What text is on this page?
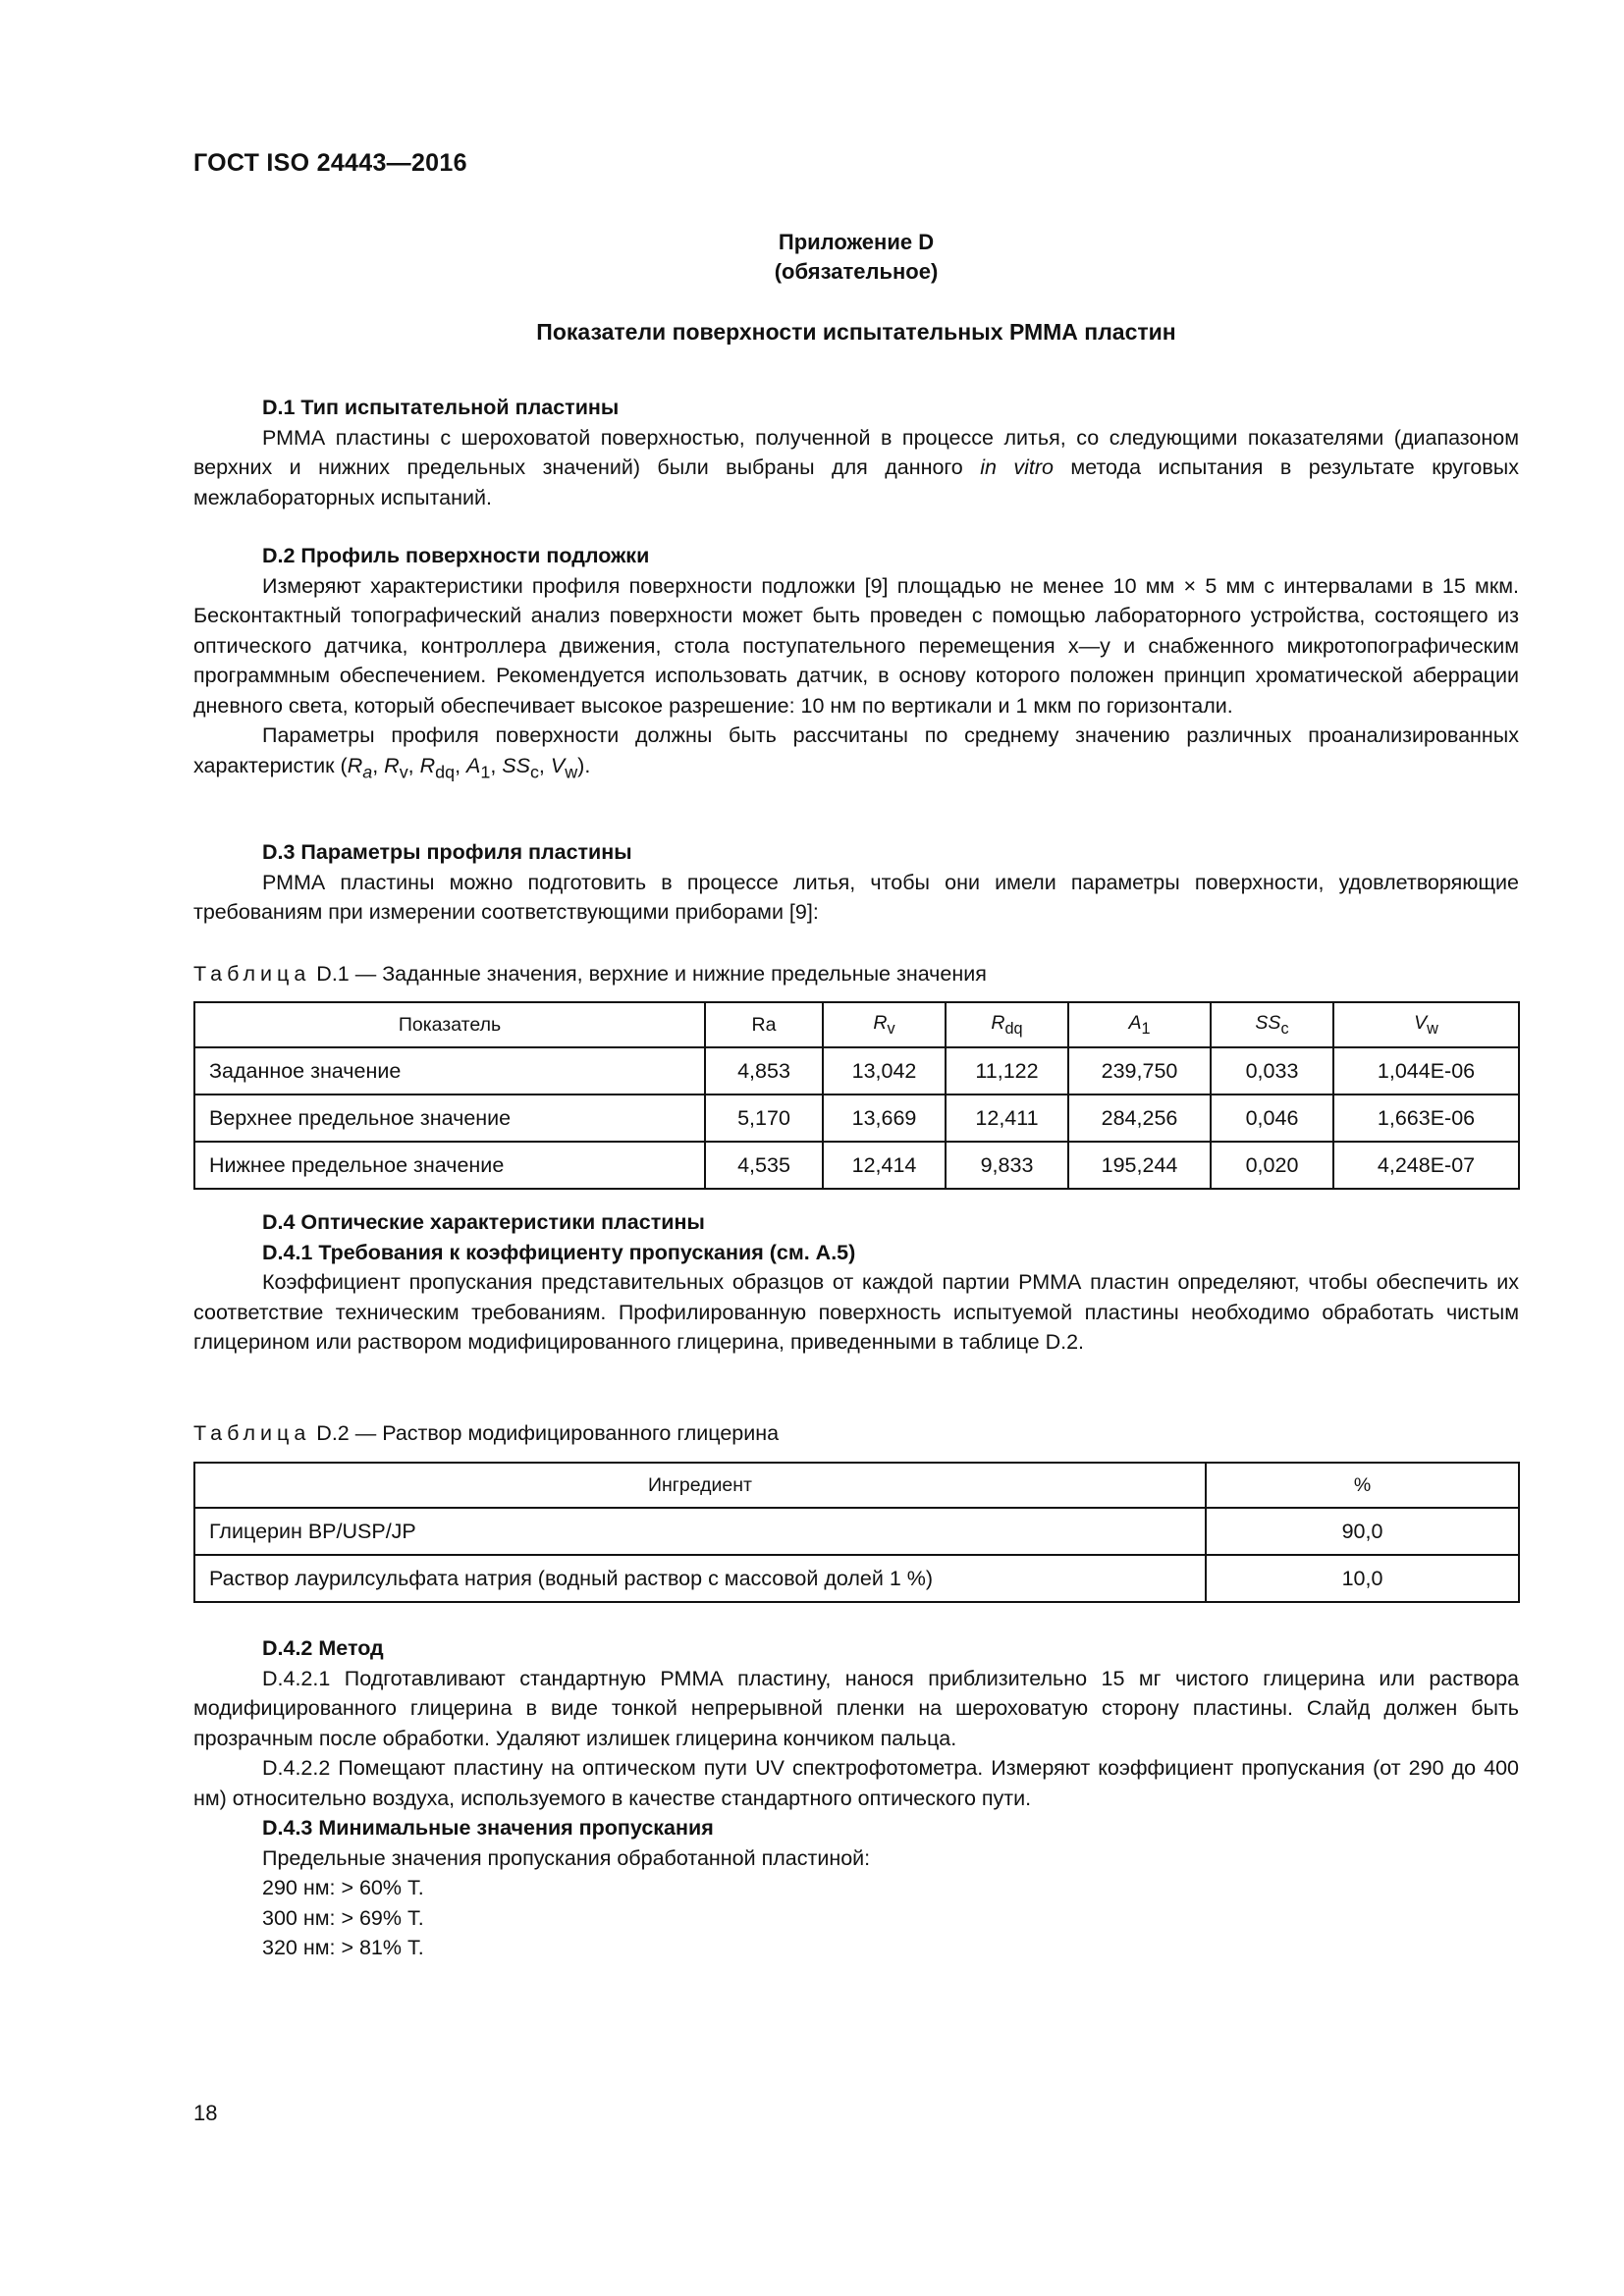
ГОСТ ISO 24443—2016
Приложение D
(обязательное)
Показатели поверхности испытательных РММА пластин
D.1 Тип испытательной пластины

РММА пластины с шероховатой поверхностью, полученной в процессе литья, со следующими показателями (диапазоном верхних и нижних предельных значений) были выбраны для данного in vitro метода испытания в результате круговых межлабораторных испытаний.

D.2 Профиль поверхности подложки

Измеряют характеристики профиля поверхности подложки [9] площадью не менее 10 мм × 5 мм с интервалами в 15 мкм. Бесконтактный топографический анализ поверхности может быть проведен с помощью лабораторного устройства, состоящего из оптического датчика, контроллера движения, стола поступательного перемещения х—у и снабженного микротопографическим программным обеспечением. Рекомендуется использовать датчик, в основу которого положен принцип хроматической аберрации дневного света, который обеспечивает высокое разрешение: 10 нм по вертикали и 1 мкм по горизонтали.

Параметры профиля поверхности должны быть рассчитаны по среднему значению различных проанализированных характеристик ($R_a$, $R_v$, $R_{dq}$, $A_1$, $SS_c$, $V_w$).

D.3 Параметры профиля пластины

РММА пластины можно подготовить в процессе литья, чтобы они имели параметры поверхности, удовлетворяющие требованиям при измерении соответствующими приборами [9]:

Таблица D.1 — Заданные значения, верхние и нижние предельные значения
Показатель	Ra	$R_v$	$R_{dq}$	$A_1$	$SS_c$	$V_w$
Заданное значение	4,853	13,042	11,122	239,750	0,033	1,044E-06
Верхнее предельное значение	5,170	13,669	12,411	284,256	0,046	1,663E-06
Нижнее предельное значение	4,535	12,414	9,833	195,244	0,020	4,248E-07
D.4 Оптические характеристики пластины
D.4.1 Требования к коэффициенту пропускания (см. А.5)

Коэффициент пропускания представительных образцов от каждой партии РММА пластин определяют, чтобы обеспечить их соответствие техническим требованиям. Профилированную поверхность испытуемой пластины необходимо обработать чистым глицерином или раствором модифицированного глицерина, приведенными в таблице D.2.

Таблица D.2 — Раствор модифицированного глицерина
Ингредиент	%
Глицерин ВР/USP/JP	90,0
Раствор лаурилсульфата натрия (водный раствор с массовой долей 1 %)	10,0
D.4.2 Метод

D.4.2.1 Подготавливают стандартную РММА пластину, нанося приблизительно 15 мг чистого глицерина или раствора модифицированного глицерина в виде тонкой непрерывной пленки на шероховатую сторону пластины. Слайд должен быть прозрачным после обработки. Удаляют излишек глицерина кончиком пальца.

D.4.2.2 Помещают пластину на оптическом пути UV спектрофотометра. Измеряют коэффициент пропускания (от 290 до 400 нм) относительно воздуха, используемого в качестве стандартного оптического пути.

D.4.3 Минимальные значения пропускания
Предельные значения пропускания обработанной пластиной:
290 нм: > 60% Т.
300 нм: > 69% Т.
320 нм: > 81% Т.
18
